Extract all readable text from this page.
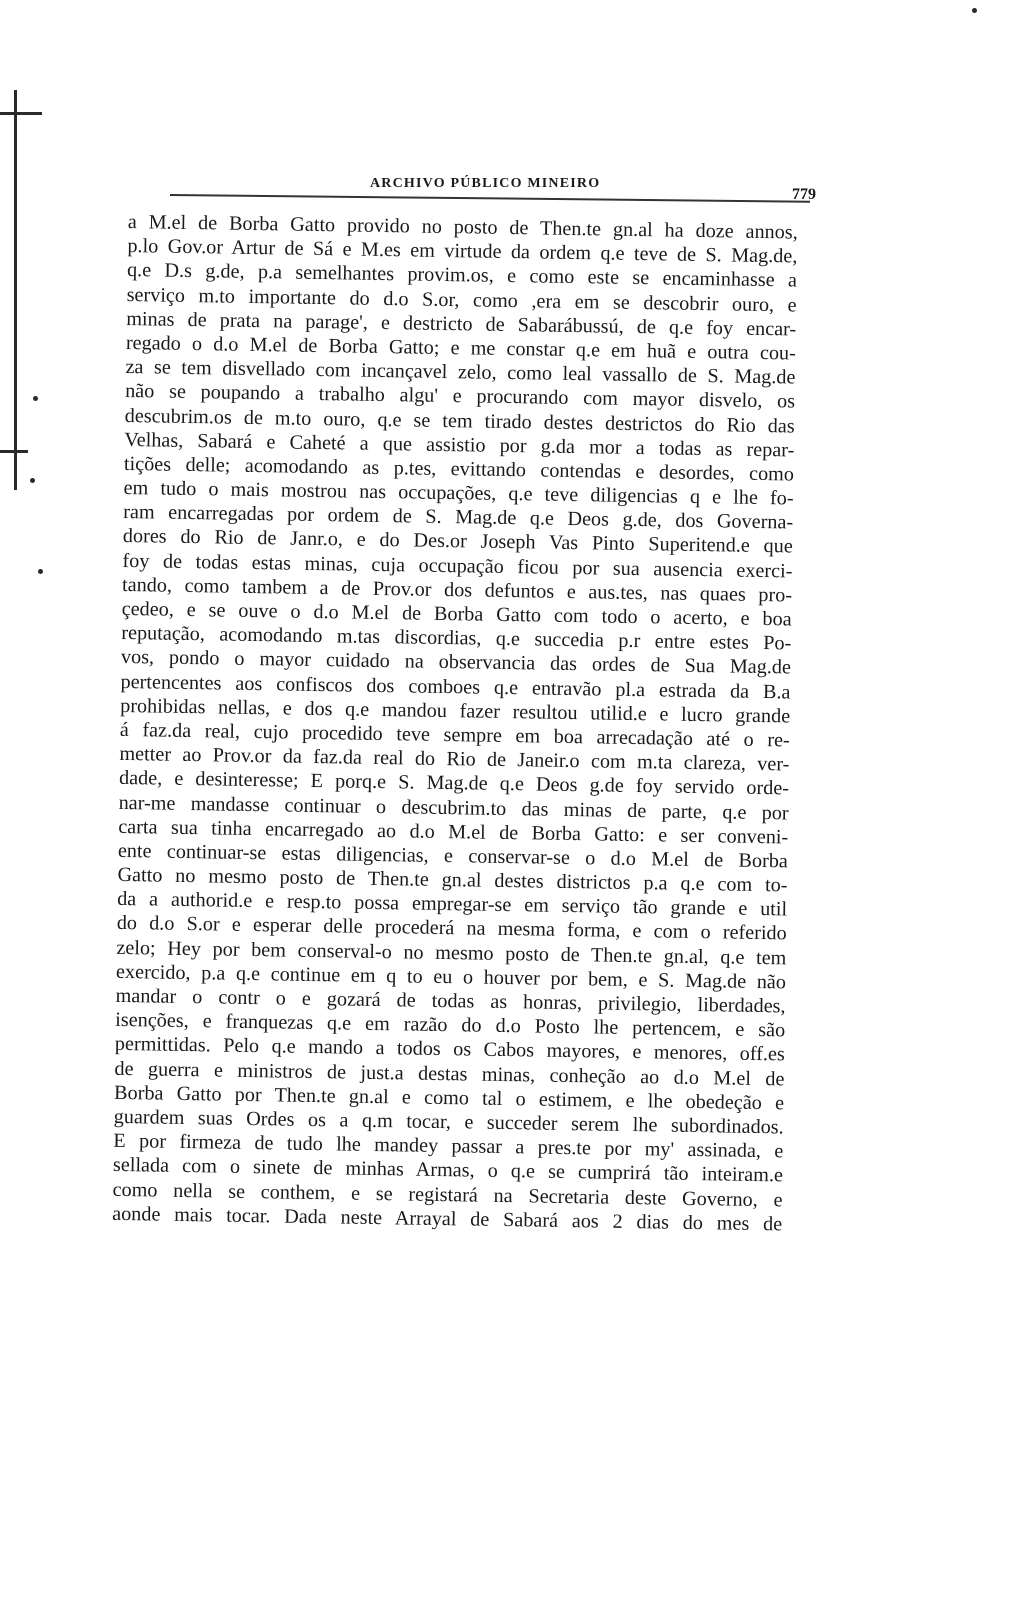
ARCHIVO PÚBLICO MINEIRO
779
a M.el de Borba Gatto provido no posto de Then.te gn.al ha doze annos,
p.lo Gov.or Artur de Sá e M.es em virtude da ordem q.e teve de S. Mag.de,
q.e D.s g.de, p.a semelhantes provim.os, e como este se encaminhasse a
serviço m.to importante do d.o S.or, como ,era em se descobrir ouro, e
minas de prata na parage', e destricto de Sabarábussú, de q.e foy encar-
regado o d.o M.el de Borba Gatto; e me constar q.e em huã e outra cou-
za se tem disvellado com incançavel zelo, como leal vassallo de S. Mag.de
não se poupando a trabalho algu' e procurando com mayor disvelo, os
descubrim.os de m.to ouro, q.e se tem tirado destes destrictos do Rio das
Velhas, Sabará e Caheté a que assistio por g.da mor a todas as repar-
tições delle; acomodando as p.tes, evittando contendas e desordes, como
em tudo o mais mostrou nas occupações, q.e teve diligencias q e lhe fo-
ram encarregadas por ordem de S. Mag.de q.e Deos g.de, dos Governa-
dores do Rio de Janr.o, e do Des.or Joseph Vas Pinto Superitend.e que
foy de todas estas minas, cuja occupação ficou por sua ausencia exerci-
tando, como tambem a de Prov.or dos defuntos e aus.tes, nas quaes pro-
çedeo, e se ouve o d.o M.el de Borba Gatto com todo o acerto, e boa
reputação, acomodando m.tas discordias, q.e succedia p.r entre estes Po-
vos, pondo o mayor cuidado na observancia das ordes de Sua Mag.de
pertencentes aos confiscos dos comboes q.e entravão pl.a estrada da B.a
prohibidas nellas, e dos q.e mandou fazer resultou utilid.e e lucro grande
á faz.da real, cujo procedido teve sempre em boa arrecadação até o re-
metter ao Prov.or da faz.da real do Rio de Janeir.o com m.ta clareza, ver-
dade, e desinteresse; E porq.e S. Mag.de q.e Deos g.de foy servido orde-
nar-me mandasse continuar o descubrim.to das minas de parte, q.e por
carta sua tinha encarregado ao d.o M.el de Borba Gatto: e ser conveni-
ente continuar-se estas diligencias, e conservar-se o d.o M.el de Borba
Gatto no mesmo posto de Then.te gn.al destes districtos p.a q.e com to-
da a authorid.e e resp.to possa empregar-se em serviço tão grande e util
do d.o S.or e esperar delle procederá na mesma forma, e com o referido
zelo; Hey por bem conserval-o no mesmo posto de Then.te gn.al, q.e tem
exercido, p.a q.e continue em q to eu o houver por bem, e S. Mag.de não
mandar o contr o e gozará de todas as honras, privilegio, liberdades,
isenções, e franquezas q.e em razão do d.o Posto lhe pertencem, e são
permittidas. Pelo q.e mando a todos os Cabos mayores, e menores, off.es
de guerra e ministros de just.a destas minas, conheção ao d.o M.el de
Borba Gatto por Then.te gn.al e como tal o estimem, e lhe obedeção e
guardem suas Ordes os a q.m tocar, e succeder serem lhe subordinados.
E por firmeza de tudo lhe mandey passar a pres.te por my' assinada, e
sellada com o sinete de minhas Armas, o q.e se cumprirá tão inteiram.e
como nella se conthem, e se registará na Secretaria deste Governo, e
aonde mais tocar. Dada neste Arrayal de Sabará aos 2 dias do mes de
